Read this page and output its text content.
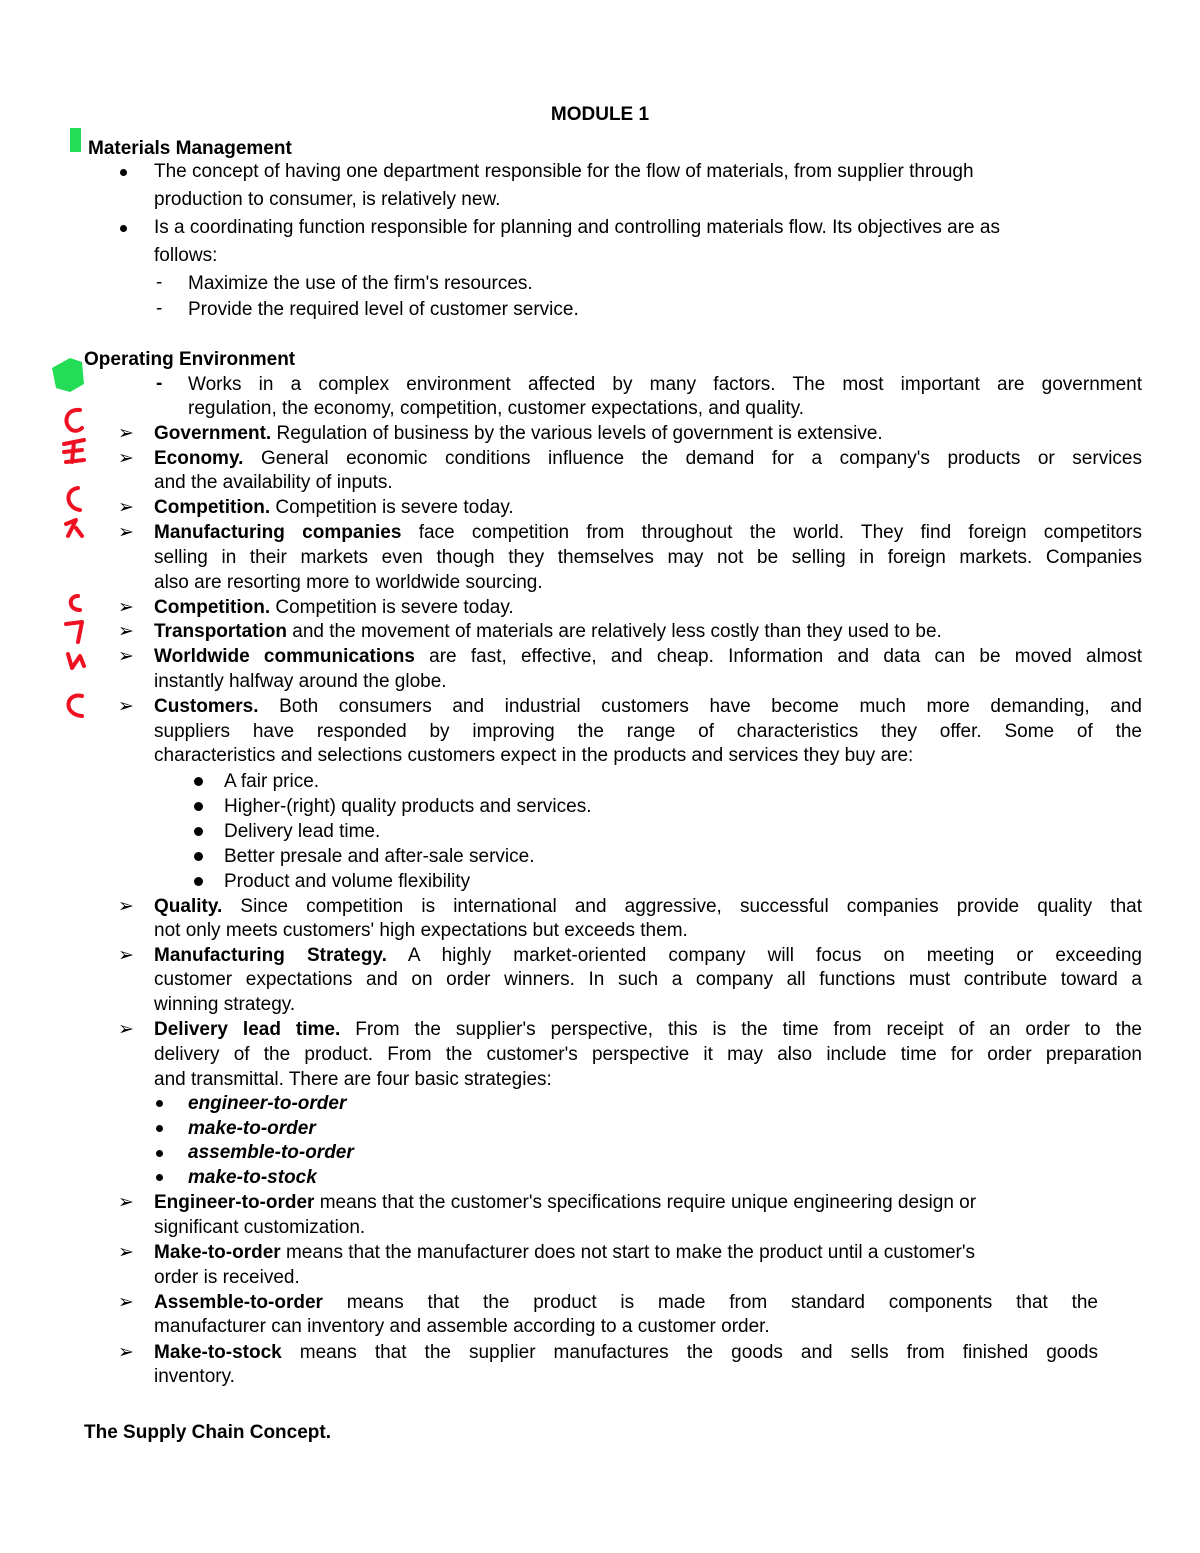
MODULE 1
Materials Management
The concept of having one department responsible for the flow of materials, from supplier through
production to consumer, is relatively new.
Is a coordinating function responsible for planning and controlling materials flow. Its objectives are as
follows:
- Maximize the use of the firm's resources.
- Provide the required level of customer service.
Operating Environment
- Works in a complex environment affected by many factors. The most important are government
regulation, the economy, competition, customer expectations, and quality.
➢ Government. Regulation of business by the various levels of government is extensive.
➢ Economy. General economic conditions influence the demand for a company's products or services
and the availability of inputs.
➢ Competition. Competition is severe today.
➢ Manufacturing companies face competition from throughout the world. They find foreign competitors
selling in their markets even though they themselves may not be selling in foreign markets. Companies
also are resorting more to worldwide sourcing.
➢ Competition. Competition is severe today.
➢ Transportation and the movement of materials are relatively less costly than they used to be.
➢ Worldwide communications are fast, effective, and cheap. Information and data can be moved almost
instantly halfway around the globe.
➢ Customers. Both consumers and industrial customers have become much more demanding, and
suppliers have responded by improving the range of characteristics they offer. Some of the
characteristics and selections customers expect in the products and services they buy are:
A fair price.
Higher-(right) quality products and services.
Delivery lead time.
Better presale and after-sale service.
Product and volume flexibility
➢ Quality. Since competition is international and aggressive, successful companies provide quality that
not only meets customers' high expectations but exceeds them.
➢ Manufacturing Strategy. A highly market-oriented company will focus on meeting or exceeding
customer expectations and on order winners. In such a company all functions must contribute toward a
winning strategy.
➢ Delivery lead time. From the supplier's perspective, this is the time from receipt of an order to the
delivery of the product. From the customer's perspective it may also include time for order preparation
and transmittal. There are four basic strategies:
engineer-to-order
make-to-order
assemble-to-order
make-to-stock
➢ Engineer-to-order means that the customer's specifications require unique engineering design or
significant customization.
➢ Make-to-order means that the manufacturer does not start to make the product until a customer's
order is received.
➢ Assemble-to-order means that the product is made from standard components that the
manufacturer can inventory and assemble according to a customer order.
➢ Make-to-stock means that the supplier manufactures the goods and sells from finished goods
inventory.
The Supply Chain Concept.
